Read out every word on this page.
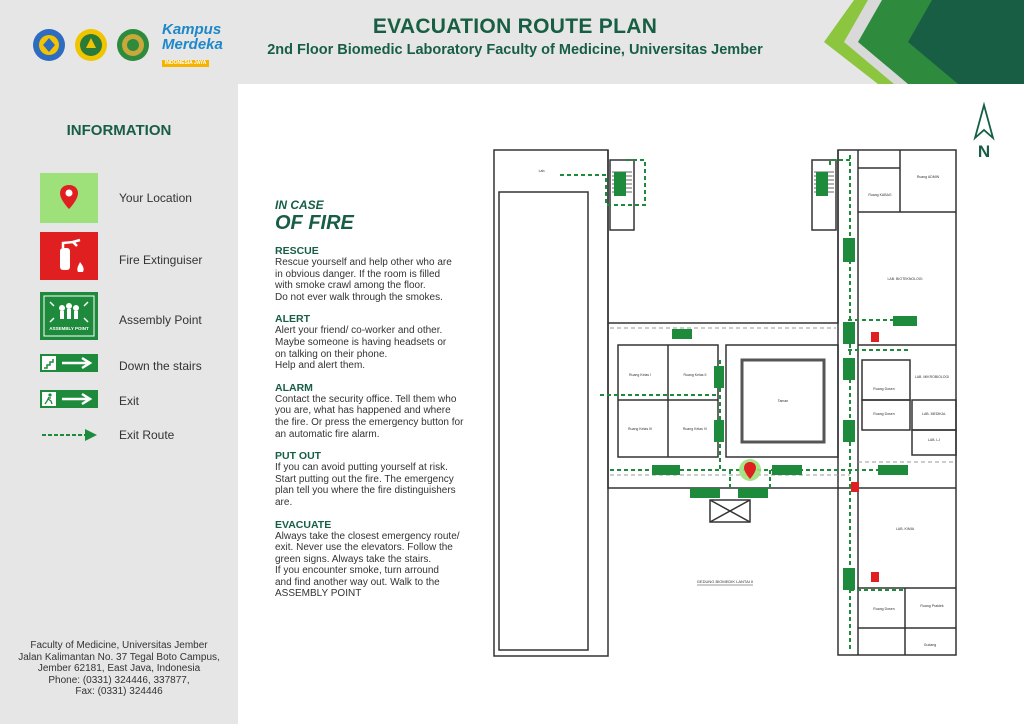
Kampus
Merdeka
INDONESIA JAYA
EVACUATION ROUTE PLAN
2nd Floor Biomedic Laboratory Faculty of Medicine, Universitas Jember
INFORMATION
Your Location
Fire Extinguiser
ASSEMBLY POINT
Assembly Point
Down the stairs
Exit
Exit Route
Faculty of Medicine, Universitas Jember
Jalan Kalimantan No. 37 Tegal Boto Campus,
Jember 62181, East Java, Indonesia
Phone: (0331) 324446, 337877,
Fax: (0331) 324446
IN CASE
OF FIRE
RESCUE
Rescue yourself and help other who are
in obvious danger. If the room is filled
with smoke crawl among the floor.
Do not ever walk through the smokes.
ALERT
Alert your friend/ co-worker and other.
Maybe someone is having headsets or
on talking on their phone.
Help and alert them.
ALARM
Contact the security office. Tell them who
you are, what has happened and where
the fire. Or press the emergency button for
an automatic fire alarm.
PUT OUT
If you can avoid putting yourself at risk.
Start putting out the fire. The emergency
plan tell you where the fire distinguishers
are.
EVACUATE
Always take the closest emergency route/
exit. Never use the elevators. Follow the
green signs. Always take the stairs.
If you encounter smoke, turn arround
and find another way out. Walk to the
ASSEMBLY POINT
N
Ruang Kelas I	Ruang Kelas II
Ruang Kelas III	Ruang Kelas IV
Taman
Lab.
Ruang KABAG
Ruang ADMIN
LAB. BIOTEKNOLOGI
LAB. MIKROBIOLOGI
Ruang Dosen
Ruang Dosen	LAB. MEDIKAL
LAB. LJ
LAB. KIMIA
Ruang Dosen
Ruang Praktek
Gudang
GEDUNG BIOMEDIK LANTAI II
